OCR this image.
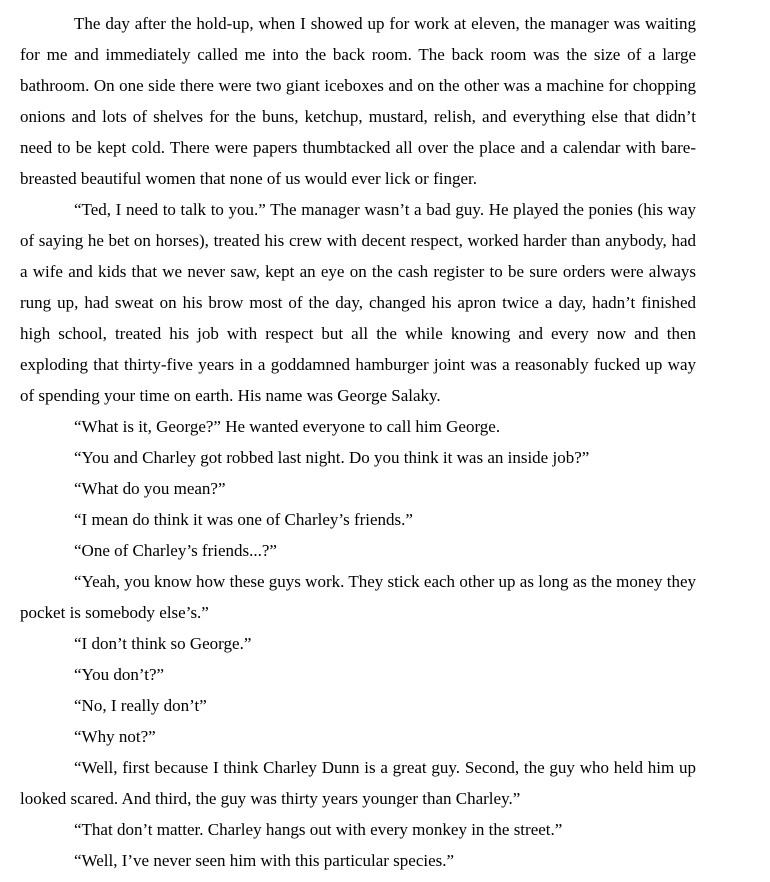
The day after the hold-up, when I showed up for work at eleven, the manager was waiting for me and immediately called me into the back room. The back room was the size of a large bathroom. On one side there were two giant iceboxes and on the other was a machine for chopping onions and lots of shelves for the buns, ketchup, mustard, relish, and everything else that didn’t need to be kept cold. There were papers thumbtacked all over the place and a calendar with bare-breasted beautiful women that none of us would ever lick or finger.

“Ted, I need to talk to you.” The manager wasn’t a bad guy. He played the ponies (his way of saying he bet on horses), treated his crew with decent respect, worked harder than anybody, had a wife and kids that we never saw, kept an eye on the cash register to be sure orders were always rung up, had sweat on his brow most of the day, changed his apron twice a day, hadn’t finished high school, treated his job with respect but all the while knowing and every now and then exploding that thirty-five years in a goddamned hamburger joint was a reasonably fucked up way of spending your time on earth. His name was George Salaky.

“What is it, George?” He wanted everyone to call him George.

“You and Charley got robbed last night. Do you think it was an inside job?”

“What do you mean?”

“I mean do think it was one of Charley’s friends.”

“One of Charley’s friends...?”

“Yeah, you know how these guys work. They stick each other up as long as the money they pocket is somebody else’s.”

“I don’t think so George.”

“You don’t?”

“No, I really don’t”

“Why not?”

“Well, first because I think Charley Dunn is a great guy. Second, the guy who held him up looked scared. And third, the guy was thirty years younger than Charley.”

“That don’t matter. Charley hangs out with every monkey in the street.”

“Well, I’ve never seen him with this particular species.”
